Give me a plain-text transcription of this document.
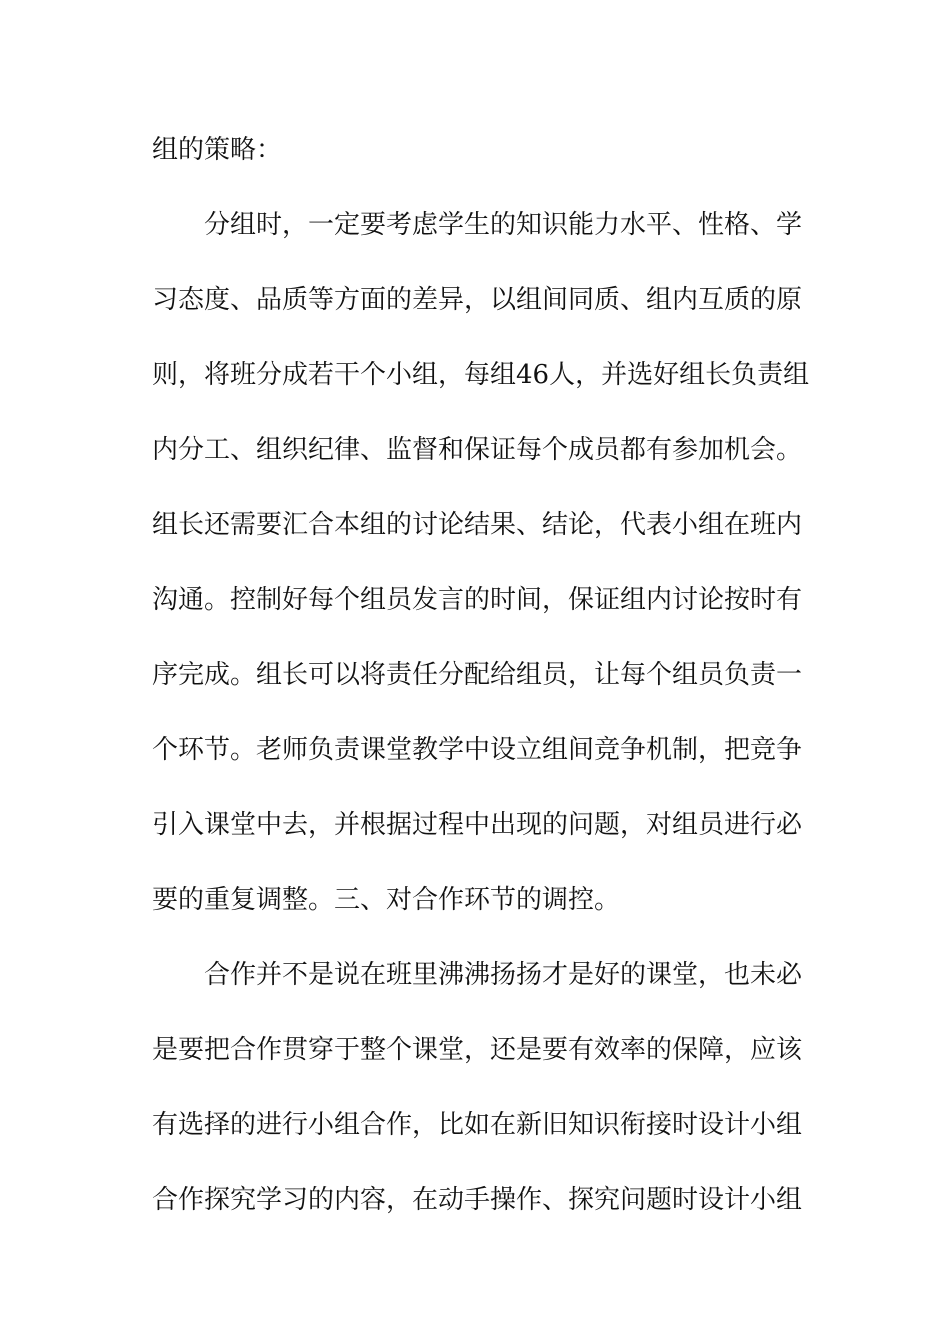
组的策略：
分组时，一定要考虑学生的知识能力水平、性格、学
习态度、品质等方面的差异，以组间同质、组内互质的原
则，将班分成若干个小组，每组46人，并选好组长负责组
内分工、组织纪律、监督和保证每个成员都有参加机会。
组长还需要汇合本组的讨论结果、结论，代表小组在班内
沟通。控制好每个组员发言的时间，保证组内讨论按时有
序完成。组长可以将责任分配给组员，让每个组员负责一
个环节。老师负责课堂教学中设立组间竞争机制，把竞争
引入课堂中去，并根据过程中出现的问题，对组员进行必
要的重复调整。三、对合作环节的调控。
合作并不是说在班里沸沸扬扬才是好的课堂，也未必
是要把合作贯穿于整个课堂，还是要有效率的保障，应该
有选择的进行小组合作，比如在新旧知识衔接时设计小组
合作探究学习的内容，在动手操作、探究问题时设计小组
